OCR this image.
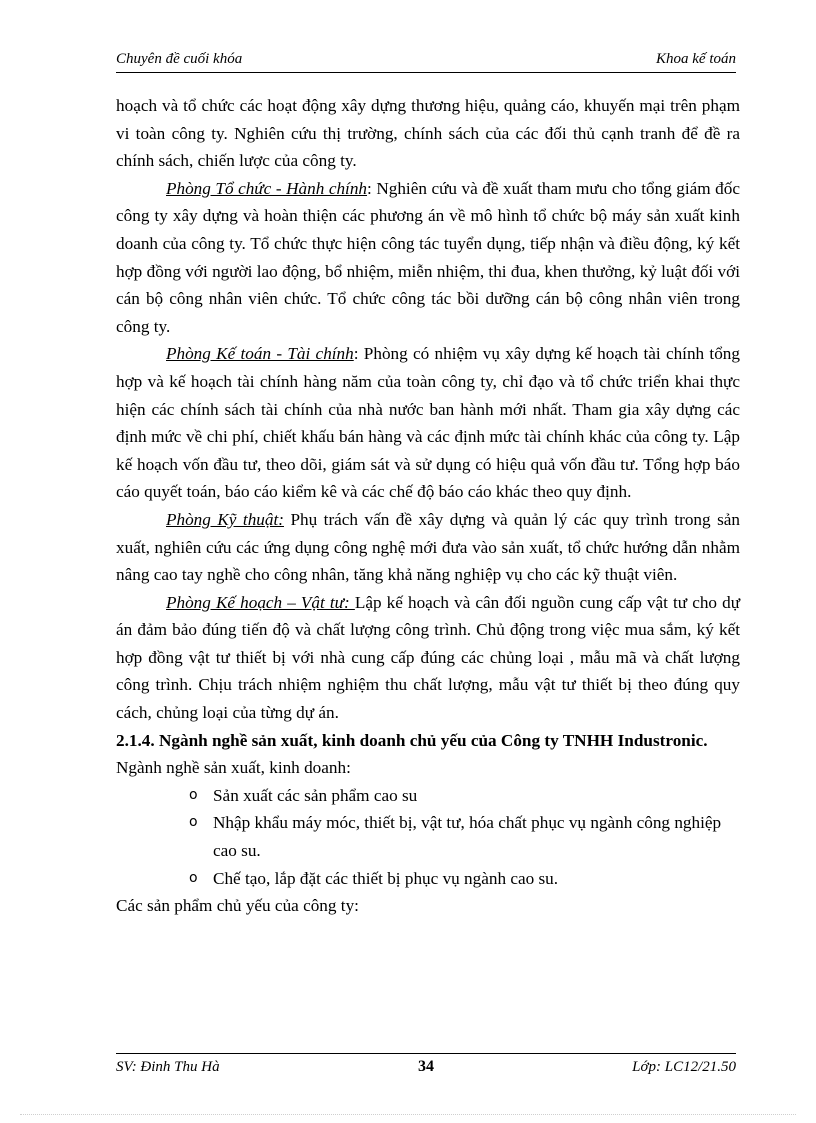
Chuyên đề cuối khóa	Khoa kế toán

hoạch và tổ chức các hoạt động xây dựng thương hiệu, quảng cáo, khuyến mại trên phạm vi toàn công ty. Nghiên cứu thị trường, chính sách của các đối thủ cạnh tranh để đề ra chính sách, chiến lược của công ty.

Phòng Tổ chức - Hành chính: Nghiên cứu và đề xuất tham mưu cho tổng giám đốc công ty xây dựng và hoàn thiện các phương án về mô hình tổ chức bộ máy sản xuất kinh doanh của công ty. Tổ chức thực hiện công tác tuyển dụng, tiếp nhận và điều động, ký kết hợp đồng với người lao động, bổ nhiệm, miễn nhiệm, thi đua, khen thưởng, kỷ luật đối với cán bộ công nhân viên chức. Tổ chức công tác bồi dưỡng cán bộ công nhân viên trong công ty.

Phòng Kế toán - Tài chính: Phòng có nhiệm vụ xây dựng kế hoạch tài chính tổng hợp và kế hoạch tài chính hàng năm của toàn công ty, chỉ đạo và tổ chức triển khai thực hiện các chính sách tài chính của nhà nước ban hành mới nhất. Tham gia xây dựng các định mức về chi phí, chiết khấu bán hàng và các định mức tài chính khác của công ty. Lập kế hoạch vốn đầu tư, theo dõi, giám sát và sử dụng có hiệu quả vốn đầu tư. Tổng hợp báo cáo quyết toán, báo cáo kiểm kê và các chế độ báo cáo khác theo quy định.

Phòng Kỹ thuật: Phụ trách vấn đề xây dựng và quản lý các quy trình trong sản xuất, nghiên cứu các ứng dụng công nghệ mới đưa vào sản xuất, tổ chức hướng dẫn nhằm nâng cao tay nghề cho công nhân, tăng khả năng nghiệp vụ cho các kỹ thuật viên.

Phòng Kế hoạch – Vật tư: Lập kế hoạch và cân đối nguồn cung cấp vật tư cho dự án đảm bảo đúng tiến độ và chất lượng công trình. Chủ động trong việc mua sắm, ký kết hợp đồng vật tư thiết bị với nhà cung cấp đúng các chủng loại , mẫu mã và chất lượng công trình. Chịu trách nhiệm nghiệm thu chất lượng, mẫu vật tư thiết bị theo đúng quy cách, chủng loại của từng dự án.

2.1.4. Ngành nghề sản xuất, kinh doanh chủ yếu của Công ty TNHH Industronic.

Ngành nghề sản xuất, kinh doanh:

o Sản xuất các sản phẩm cao su
o Nhập khẩu máy móc, thiết bị, vật tư, hóa chất phục vụ ngành công nghiệp cao su.
o Chế tạo, lắp đặt các thiết bị phục vụ ngành cao su.

Các sản phẩm chủ yếu của công ty:

SV: Đinh Thu Hà	34	Lớp: LC12/21.50
